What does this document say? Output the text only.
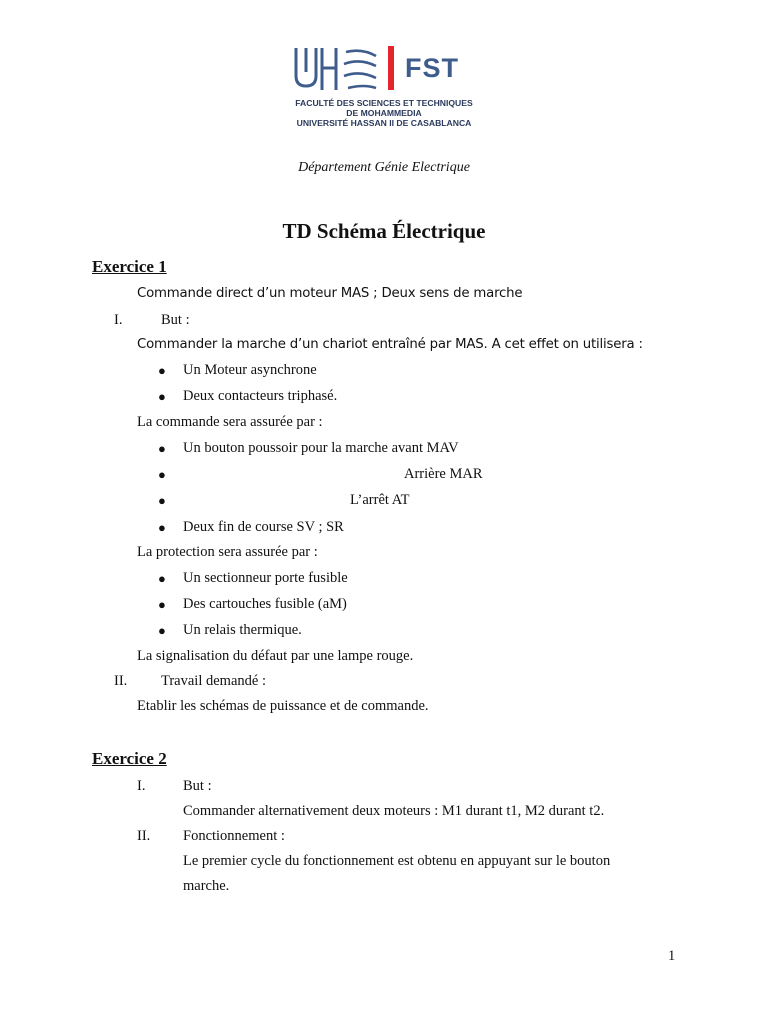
FST
FACULTÉ DES SCIENCES ET TECHNIQUES
DE MOHAMMEDIA
UNIVERSITÉ HASSAN II DE CASABLANCA
Département Génie Electrique
TD Schéma Électrique
Exercice 1
Commande direct d’un moteur MAS ; Deux sens de marche
I.	But :
Commander la marche d’un chariot entraîné par MAS. A cet effet on utilisera :
● Un Moteur asynchrone
● Deux contacteurs triphasé.
La commande sera assurée par :
● Un bouton poussoir pour la marche avant MAV
●	Arrière MAR
●	L’arrêt AT
● Deux fin de course SV ; SR
La protection sera assurée par :
● Un sectionneur porte fusible
● Des cartouches fusible (aM)
● Un relais thermique.
La signalisation du défaut par une lampe rouge.
II. Travail demandé :
Etablir les schémas de puissance et de commande.
Exercice 2
I.	But :
Commander alternativement deux moteurs : M1 durant t1, M2 durant t2.
II. Fonctionnement :
Le premier cycle du fonctionnement est obtenu en appuyant sur le bouton
marche.
1
